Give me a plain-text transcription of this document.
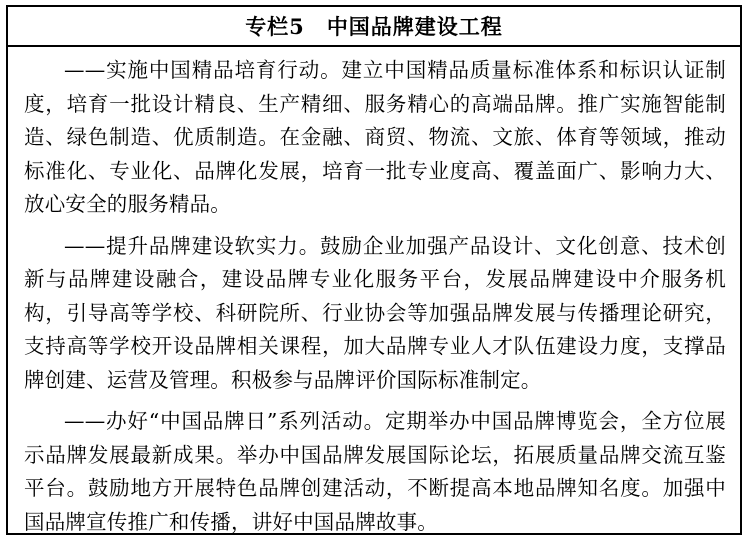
专栏5 中国品牌建设工程

——实施中国精品培育行动。建立中国精品质量标准体系和标识认证制度，培育一批设计精良、生产精细、服务精心的高端品牌。推广实施智能制造、绿色制造、优质制造。在金融、商贸、物流、文旅、体育等领域，推动标准化、专业化、品牌化发展，培育一批专业度高、覆盖面广、影响力大、放心安全的服务精品。

——提升品牌建设软实力。鼓励企业加强产品设计、文化创意、技术创新与品牌建设融合，建设品牌专业化服务平台，发展品牌建设中介服务机构，引导高等学校、科研院所、行业协会等加强品牌发展与传播理论研究，支持高等学校开设品牌相关课程，加大品牌专业人才队伍建设力度，支撑品牌创建、运营及管理。积极参与品牌评价国际标准制定。

——办好“中国品牌日”系列活动。定期举办中国品牌博览会，全方位展示品牌发展最新成果。举办中国品牌发展国际论坛，拓展质量品牌交流互鉴平台。鼓励地方开展特色品牌创建活动，不断提高本地品牌知名度。加强中国品牌宣传推广和传播，讲好中国品牌故事。
